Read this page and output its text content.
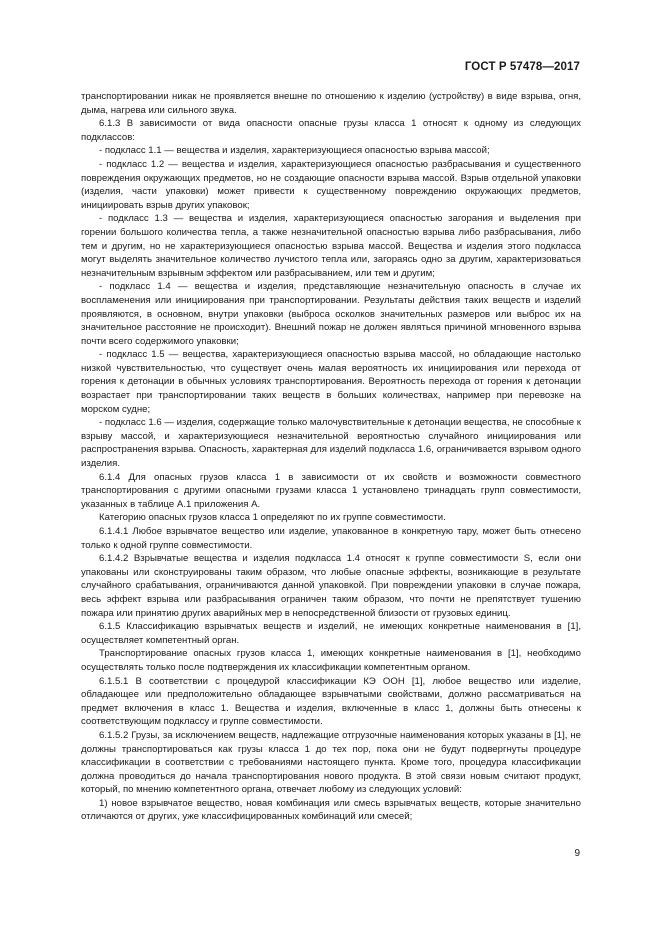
ГОСТ Р 57478—2017

транспортировании никак не проявляется внешне по отношению к изделию (устройству) в виде взрыва, огня, дыма, нагрева или сильного звука.

6.1.3 В зависимости от вида опасности опасные грузы класса 1 относят к одному из следующих подклассов:

- подкласс 1.1 — вещества и изделия, характеризующиеся опасностью взрыва массой;

- подкласс 1.2 — вещества и изделия, характеризующиеся опасностью разбрасывания и существенного повреждения окружающих предметов, но не создающие опасности взрыва массой. Взрыв отдельной упаковки (изделия, части упаковки) может привести к существенному повреждению окружающих предметов, инициировать взрыв других упаковок;

- подкласс 1.3 — вещества и изделия, характеризующиеся опасностью загорания и выделения при горении большого количества тепла, а также незначительной опасностью взрыва либо разбрасывания, либо тем и другим, но не характеризующиеся опасностью взрыва массой. Вещества и изделия этого подкласса могут выделять значительное количество лучистого тепла или, загораясь одно за другим, характеризоваться незначительным взрывным эффектом или разбрасыванием, или тем и другим;

- подкласс 1.4 — вещества и изделия, представляющие незначительную опасность в случае их воспламенения или инициирования при транспортировании. Результаты действия таких веществ и изделий проявляются, в основном, внутри упаковки (выброса осколков значительных размеров или выброс их на значительное расстояние не происходит). Внешний пожар не должен являться причиной мгновенного взрыва почти всего содержимого упаковки;

- подкласс 1.5 — вещества, характеризующиеся опасностью взрыва массой, но обладающие настолько низкой чувствительностью, что существует очень малая вероятность их инициирования или перехода от горения к детонации в обычных условиях транспортирования. Вероятность перехода от горения к детонации возрастает при транспортировании таких веществ в больших количествах, например при перевозке на морском судне;

- подкласс 1.6 — изделия, содержащие только малочувствительные к детонации вещества, не способные к взрыву массой, и характеризующиеся незначительной вероятностью случайного инициирования или распространения взрыва. Опасность, характерная для изделий подкласса 1.6, ограничивается взрывом одного изделия.

6.1.4 Для опасных грузов класса 1 в зависимости от их свойств и возможности совместного транспортирования с другими опасными грузами класса 1 установлено тринадцать групп совместимости, указанных в таблице А.1 приложения А.

Категорию опасных грузов класса 1 определяют по их группе совместимости.

6.1.4.1 Любое взрывчатое вещество или изделие, упакованное в конкретную тару, может быть отнесено только к одной группе совместимости.

6.1.4.2 Взрывчатые вещества и изделия подкласса 1.4 относят к группе совместимости S, если они упакованы или сконструированы таким образом, что любые опасные эффекты, возникающие в результате случайного срабатывания, ограничиваются данной упаковкой. При повреждении упаковки в случае пожара, весь эффект взрыва или разбрасывания ограничен таким образом, что почти не препятствует тушению пожара или принятию других аварийных мер в непосредственной близости от грузовых единиц.

6.1.5 Классификацию взрывчатых веществ и изделий, не имеющих конкретные наименования в [1], осуществляет компетентный орган.

Транспортирование опасных грузов класса 1, имеющих конкретные наименования в [1], необходимо осуществлять только после подтверждения их классификации компетентным органом.

6.1.5.1 В соответствии с процедурой классификации КЭ ООН [1], любое вещество или изделие, обладающее или предположительно обладающее взрывчатыми свойствами, должно рассматриваться на предмет включения в класс 1. Вещества и изделия, включенные в класс 1, должны быть отнесены к соответствующим подклассу и группе совместимости.

6.1.5.2 Грузы, за исключением веществ, надлежащие отгрузочные наименования которых указаны в [1], не должны транспортироваться как грузы класса 1 до тех пор, пока они не будут подвергнуты процедуре классификации в соответствии с требованиями настоящего пункта. Кроме того, процедура классификации должна проводиться до начала транспортирования нового продукта. В этой связи новым считают продукт, который, по мнению компетентного органа, отвечает любому из следующих условий:

1) новое взрывчатое вещество, новая комбинация или смесь взрывчатых веществ, которые значительно отличаются от других, уже классифицированных комбинаций или смесей;

9
